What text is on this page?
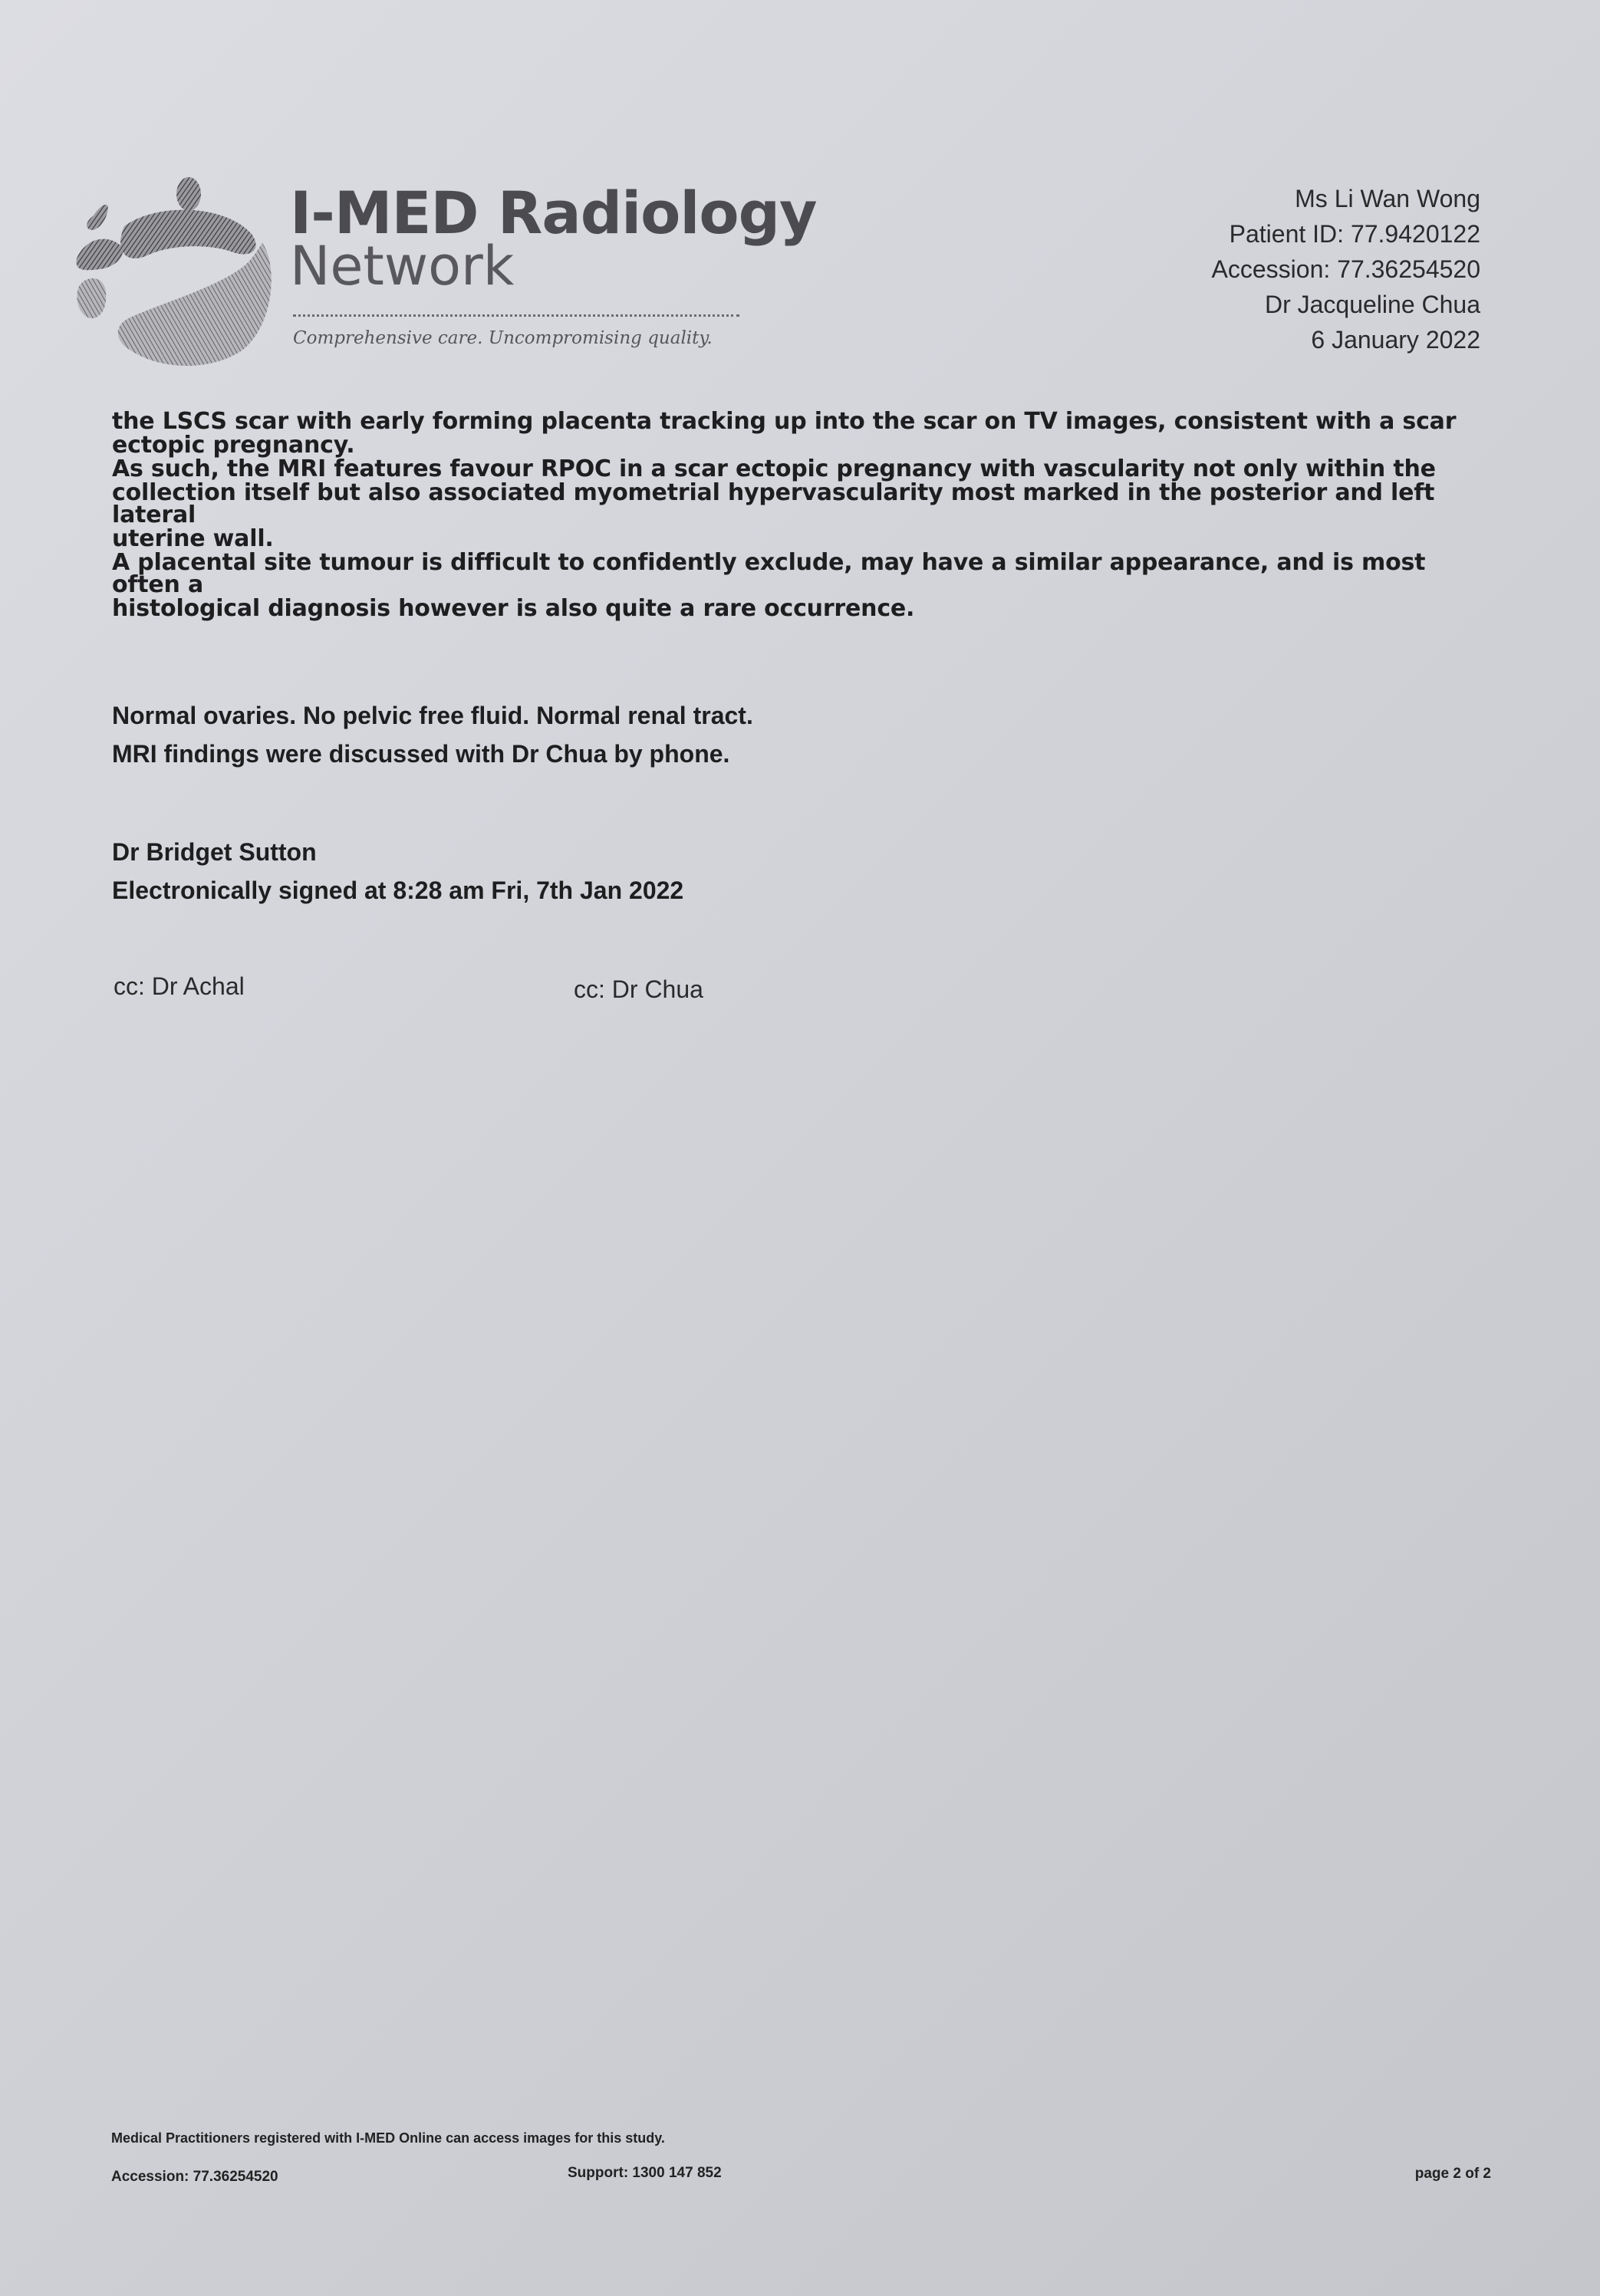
I-MED Radiology
Network
Comprehensive care. Uncompromising quality.
Ms Li Wan Wong
Patient ID: 77.9420122
Accession: 77.36254520
Dr Jacqueline Chua
6 January 2022

the LSCS scar with early forming placenta tracking up into the scar on TV images, consistent with a scar

ectopic pregnancy.

As such, the MRI features favour RPOC in a scar ectopic pregnancy with vascularity not only within the

collection itself but also associated myometrial hypervascularity most marked in the posterior and left lateral

uterine wall.

A placental site tumour is difficult to confidently exclude, may have a similar appearance, and is most often a

histological diagnosis however is also quite a rare occurrence.

Normal ovaries. No pelvic free fluid. Normal renal tract.
MRI findings were discussed with Dr Chua by phone.
Dr Bridget Sutton
Electronically signed at 8:28 am Fri, 7th Jan 2022
cc: Dr Achal	cc: Dr Chua
Medical Practitioners registered with I-MED Online can access images for this study.
Accession: 77.36254520	Support: 1300 147 852	page 2 of 2
